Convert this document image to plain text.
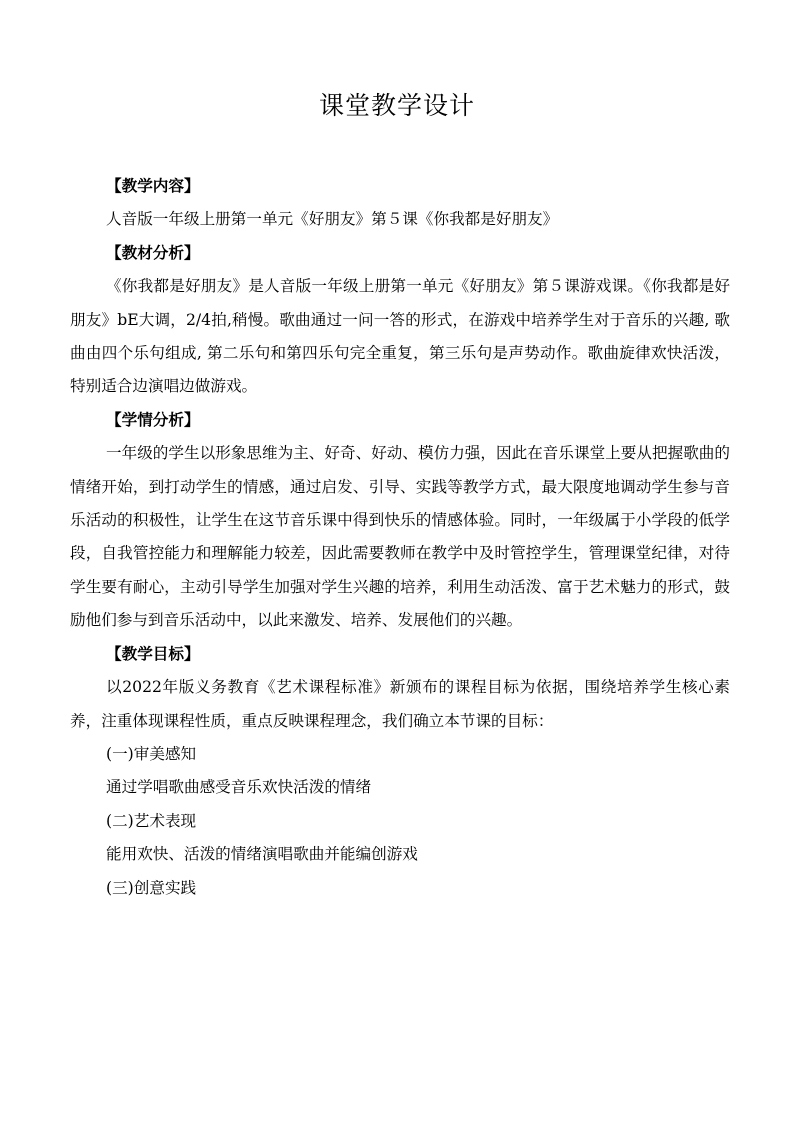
课堂教学设计

【教学内容】

人音版一年级上册第一单元《好朋友》第５课《你我都是好朋友》

【教材分析】

《你我都是好朋友》是人音版一年级上册第一单元《好朋友》第５课游戏课。《你我都是好朋友》bE大调，2/4拍,稍慢。歌曲通过一问一答的形式，在游戏中培养学生对于音乐的兴趣, 歌曲由四个乐句组成, 第二乐句和第四乐句完全重复，第三乐句是声势动作。歌曲旋律欢快活泼，特别适合边演唱边做游戏。

【学情分析】

一年级的学生以形象思维为主、好奇、好动、模仿力强，因此在音乐课堂上要从把握歌曲的情绪开始，到打动学生的情感，通过启发、引导、实践等教学方式，最大限度地调动学生参与音乐活动的积极性，让学生在这节音乐课中得到快乐的情感体验。同时，一年级属于小学段的低学段，自我管控能力和理解能力较差，因此需要教师在教学中及时管控学生，管理课堂纪律，对待学生要有耐心，主动引导学生加强对学生兴趣的培养，利用生动活泼、富于艺术魅力的形式，鼓励他们参与到音乐活动中，以此来激发、培养、发展他们的兴趣。

【教学目标】

以2022年版义务教育《艺术课程标准》新颁布的课程目标为依据，围绕培养学生核心素养，注重体现课程性质，重点反映课程理念，我们确立本节课的目标：

(一)审美感知

通过学唱歌曲感受音乐欢快活泼的情绪

(二)艺术表现

能用欢快、活泼的情绪演唱歌曲并能编创游戏

(三)创意实践
